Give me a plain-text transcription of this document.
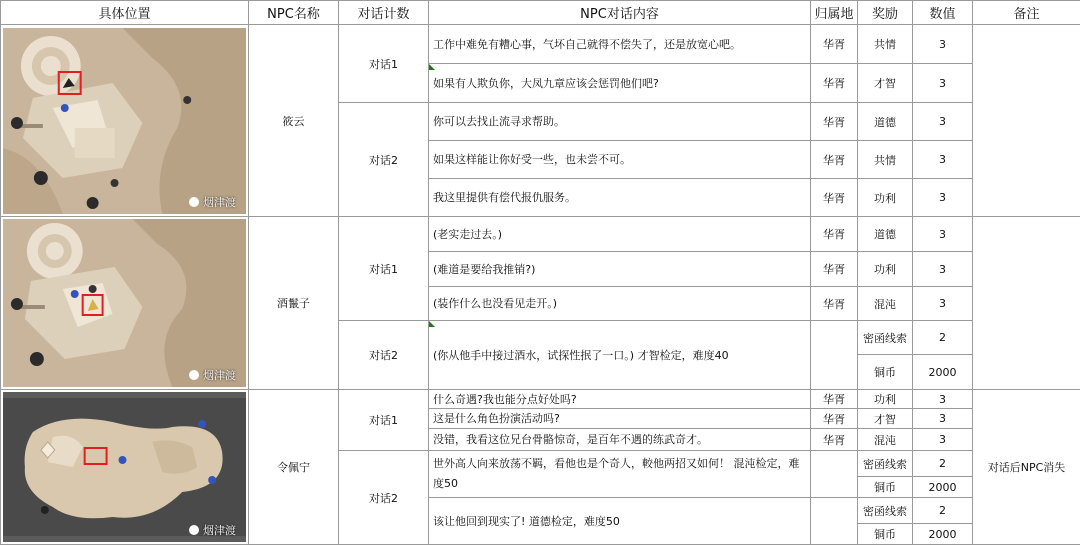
具体位置	NPC名称	对话计数	NPC对话内容	归属地	奖励	数值	备注

烟津渡	筱云	对话1	工作中难免有糟心事，气坏自己就得不偿失了，还是放宽心吧。	华胥	共情	3	

如果有人欺负你，大凤九章应该会惩罚他们吧?	华胥	才智	3	
		对话2	你可以去找止流寻求帮助。	华胥	道德	3	
			如果这样能让你好受一些，也未尝不可。	华胥	共情	3	
			我这里提供有偿代报仇服务。	华胥	功利	3	

烟津渡	酒鬣子	对话1	(老实走过去。)	华胥	道德	3	
			(难道是要给我推销?)	华胥	功利	3	
			(装作什么也没看见走开。)	华胥	混沌	3	
		对话2	(你从他手中接过酒水，试探性抿了一口。) 才智检定，难度40		密函线索	2	
					铜币	2000	

烟津渡	令佩宁	对话1	什么奇遇?我也能分点好处吗?	华胥	功利	3	对话后NPC消失
			这是什么角色扮演活动吗?	华胥	才智	3	
			没错，我看这位兄台骨骼惊奇，是百年不遇的练武奇才。	华胥	混沌	3	
		对话2	世外高人向来放荡不羁，看他也是个奇人，較他两招又如何！ 混沌检定，难度50		密函线索	2	
					铜币	2000	
			该让他回到现实了! 道德检定，难度50		密函线索	2	
					铜币	2000	
